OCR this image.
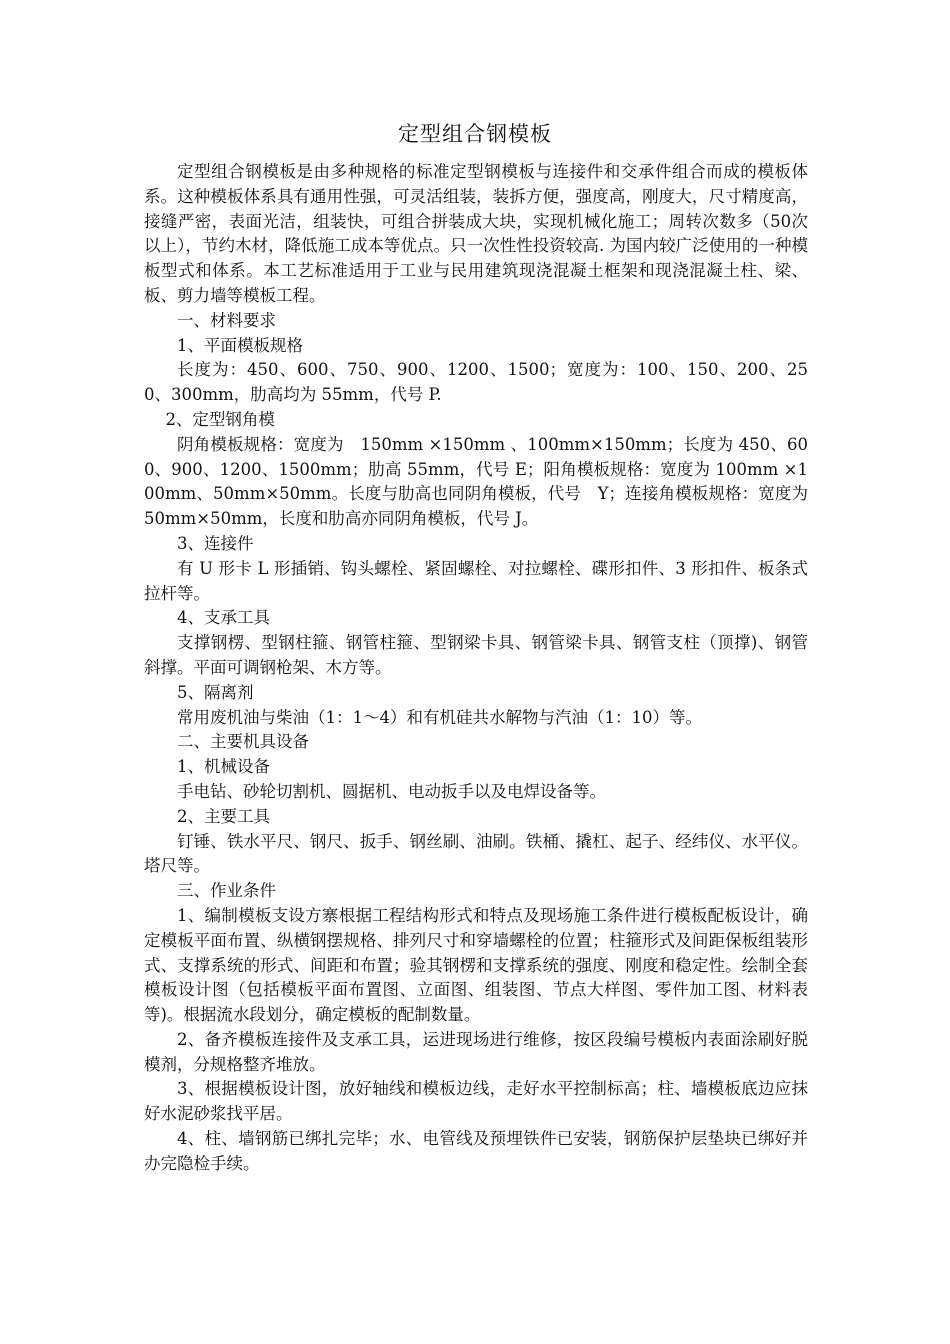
定型组合钢模板

定型组合钢模板是由多种规格的标准定型钢模板与连接件和交承件组合而成的模板体系。这种模板体系具有通用性强，可灵活组装，装拆方便，强度高，刚度大，尺寸精度高，接缝严密，表面光洁，组装快，可组合拼装成大块，实现机械化施工；周转次数多（50次以上），节约木材，降低施工成本等优点。只一次性性投资较高. 为国内较广泛使用的一种模板型式和体系。本工艺标准适用于工业与民用建筑现浇混凝土框架和现浇混凝土柱、梁、板、剪力墙等模板工程。

一、材料要求

1、平面模板规格

长度为：450、600、750、900、1200、1500；宽度为：100、150、200、250、300mm，肋高均为 55mm，代号 P.

2、定型钢角模

阴角模板规格：宽度为　150mm ×150mm 、100mm×150mm；长度为 450、600、900、1200、1500mm；肋高 55mm，代号 E；阳角模板规格：宽度为 100mm ×100mm、50mm×50mm。长度与肋高也同阴角模板，代号　Y；连接角模板规格：宽度为 50mm×50mm，长度和肋高亦同阴角模板，代号 J。

3、连接件

有 U 形卡 L 形插销、钩头螺栓、紧固螺栓、对拉螺栓、碟形扣件、3 形扣件、板条式拉杆等。

4、支承工具

支撑钢楞、型钢柱箍、钢管柱箍、型钢梁卡具、钢管梁卡具、钢管支柱（顶撑)、钢管斜撑。平面可调钢枪架、木方等。

5、隔离剂

常用废机油与柴油（1：1～4）和有机硅共水解物与汽油（1：10）等。

二、主要机具设备

1、机械设备

手电钻、砂轮切割机、圆据机、电动扳手以及电焊设备等。

2、主要工具

钉锤、铁水平尺、钢尺、扳手、钢丝刷、油刷。铁桶、撬杠、起子、经纬仪、水平仪。塔尺等。

三、作业条件

1、编制模板支设方寨根据工程结构形式和特点及现场施工条件进行模板配板设计，确定模板平面布置、纵横钢摆规格、排列尺寸和穿墙螺栓的位置；柱箍形式及间距保板组装形式、支撑系统的形式、间距和布置；验其钢楞和支撑系统的强度、刚度和稳定性。绘制全套模板设计图（包括模板平面布置图、立面图、组装图、节点大样图、零件加工图、材料表等)。根据流水段划分，确定模板的配制数量。

2、备齐模板连接件及支承工具，运进现场进行维修，按区段编号模板内表面涂刷好脱模剂，分规格整齐堆放。

3、根据模板设计图，放好轴线和模板边线，走好水平控制标高；柱、墙模板底边应抹好水泥砂浆找平居。

4、柱、墙钢筋已绑扎完毕；水、电管线及预埋铁件已安装，钢筋保护层垫块已绑好并办完隐检手续。
